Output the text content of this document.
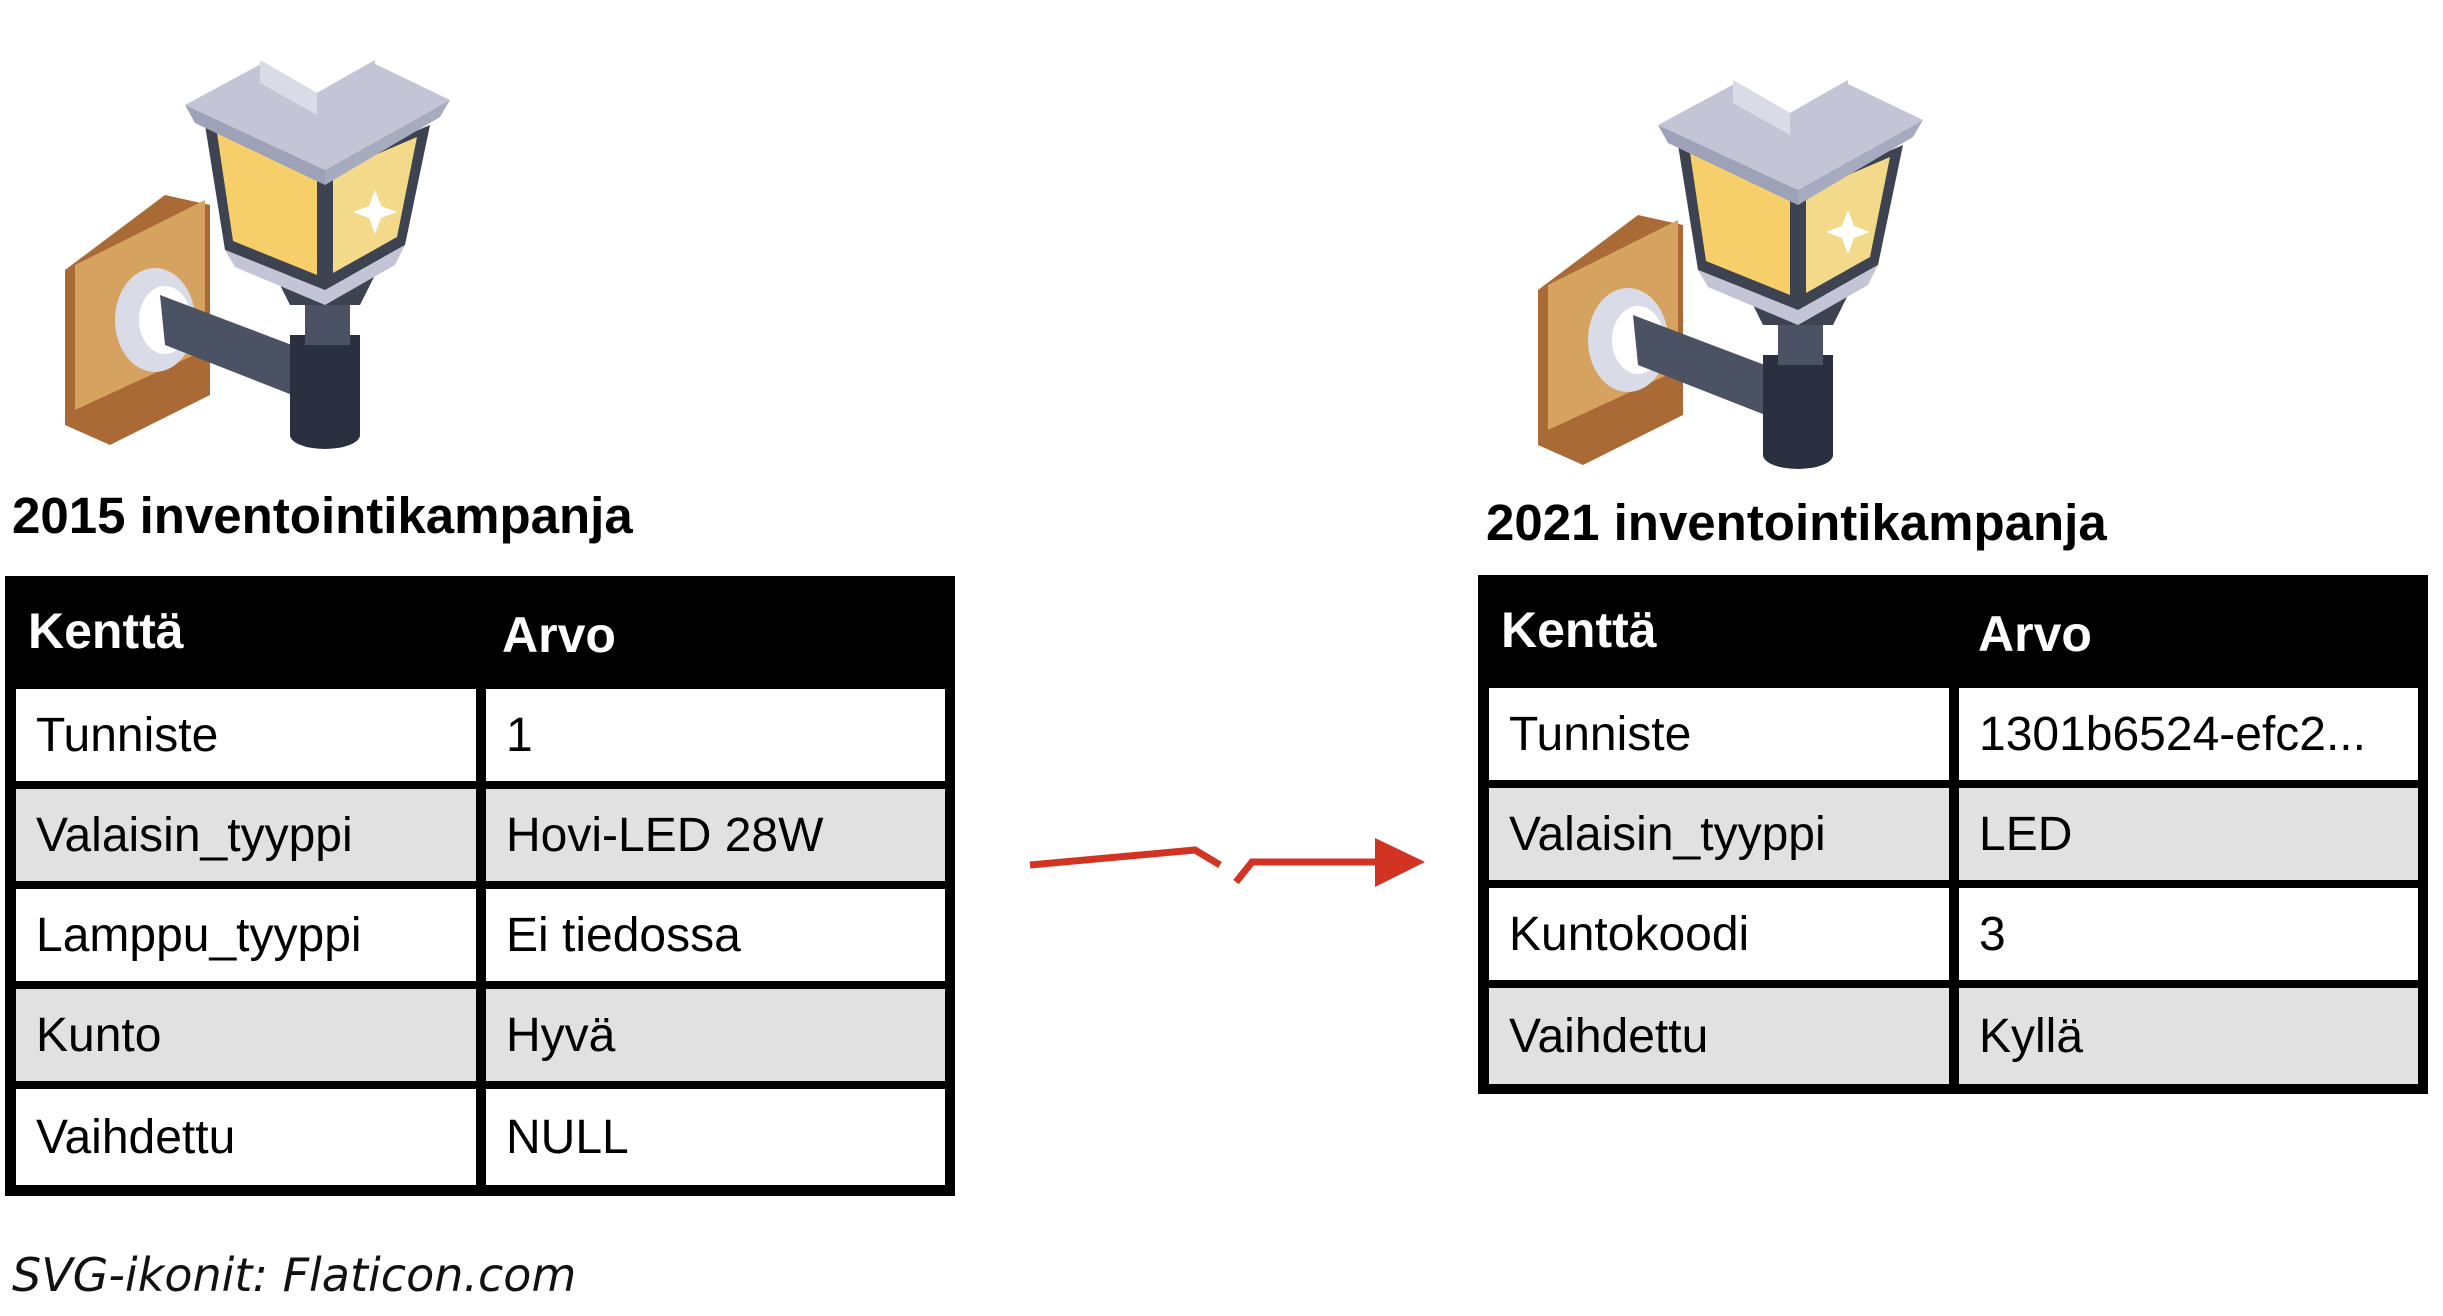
2015 inventointikampanja
Kenttä	Arvo
Tunniste	1
Valaisin_tyyppi	Hovi-LED 28W
Lamppu_tyyppi	Ei tiedossa
Kunto	Hyvä
Vaihdettu	NULL
2021 inventointikampanja
Kenttä	Arvo
Tunniste	1301b6524-efc2...
Valaisin_tyyppi	LED
Kuntokoodi	3
Vaihdettu	Kyllä
SVG-ikonit: Flaticon.com
